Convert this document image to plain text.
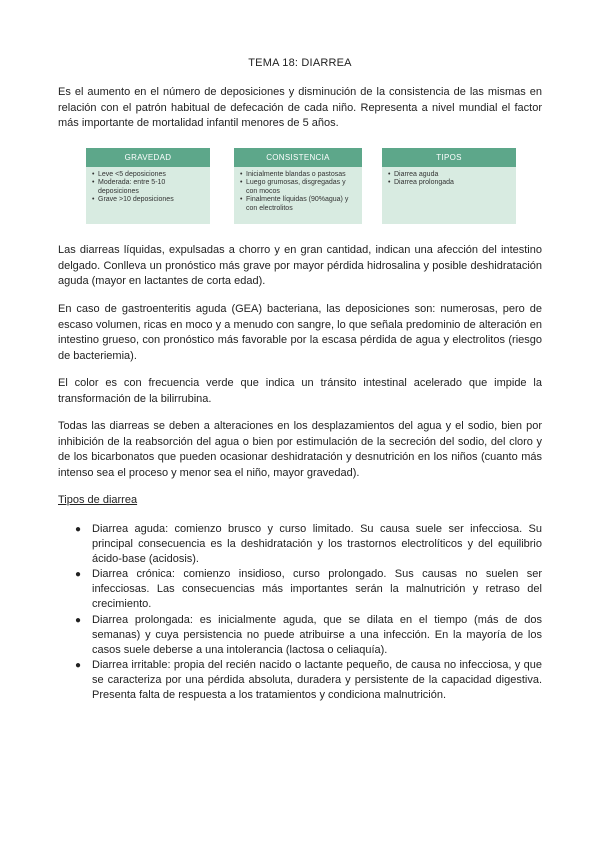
TEMA 18: DIARREA

Es el aumento en el número de deposiciones y disminución de la consistencia de las mismas en relación con el patrón habitual de defecación de cada niño. Representa a nivel mundial el factor más importante de mortalidad infantil menores de 5 años.

GRAVEDAD
• Leve <5 deposiciones
• Moderada: entre 5-10 deposiciones
• Grave >10 deposiciones
CONSISTENCIA
• Inicialmente blandas o pastosas
• Luego grumosas, disgregadas y con mocos
• Finalmente líquidas (90%agua) y con electrolitos
TIPOS
• Diarrea aguda
• Diarrea prolongada

Las diarreas líquidas, expulsadas a chorro y en gran cantidad, indican una afección del intestino delgado. Conlleva un pronóstico más grave por mayor pérdida hidrosalina y posible deshidratación aguda (mayor en lactantes de corta edad).

En caso de gastroenteritis aguda (GEA) bacteriana, las deposiciones son: numerosas, pero de escaso volumen, ricas en moco y a menudo con sangre, lo que señala predominio de alteración en intestino grueso, con pronóstico más favorable por la escasa pérdida de agua y electrolitos (riesgo de bacteriemia).

El color es con frecuencia verde que indica un tránsito intestinal acelerado que impide la transformación de la bilirrubina.

Todas las diarreas se deben a alteraciones en los desplazamientos del agua y el sodio, bien por inhibición de la reabsorción del agua o bien por estimulación de la secreción del sodio, del cloro y de los bicarbonatos que pueden ocasionar deshidratación y desnutrición en los niños (cuanto más intenso sea el proceso y menor sea el niño, mayor gravedad).

Tipos de diarrea
● Diarrea aguda: comienzo brusco y curso limitado. Su causa suele ser infecciosa. Su principal consecuencia es la deshidratación y los trastornos electrolíticos y del equilibrio ácido-base (acidosis).
● Diarrea crónica: comienzo insidioso, curso prolongado. Sus causas no suelen ser infecciosas. Las consecuencias más importantes serán la malnutrición y retraso del crecimiento.
● Diarrea prolongada: es inicialmente aguda, que se dilata en el tiempo (más de dos semanas) y cuya persistencia no puede atribuirse a una infección. En la mayoría de los casos suele deberse a una intolerancia (lactosa o celiaquía).
● Diarrea irritable: propia del recién nacido o lactante pequeño, de causa no infecciosa, y que se caracteriza por una pérdida absoluta, duradera y persistente de la capacidad digestiva. Presenta falta de respuesta a los tratamientos y condiciona malnutrición.
